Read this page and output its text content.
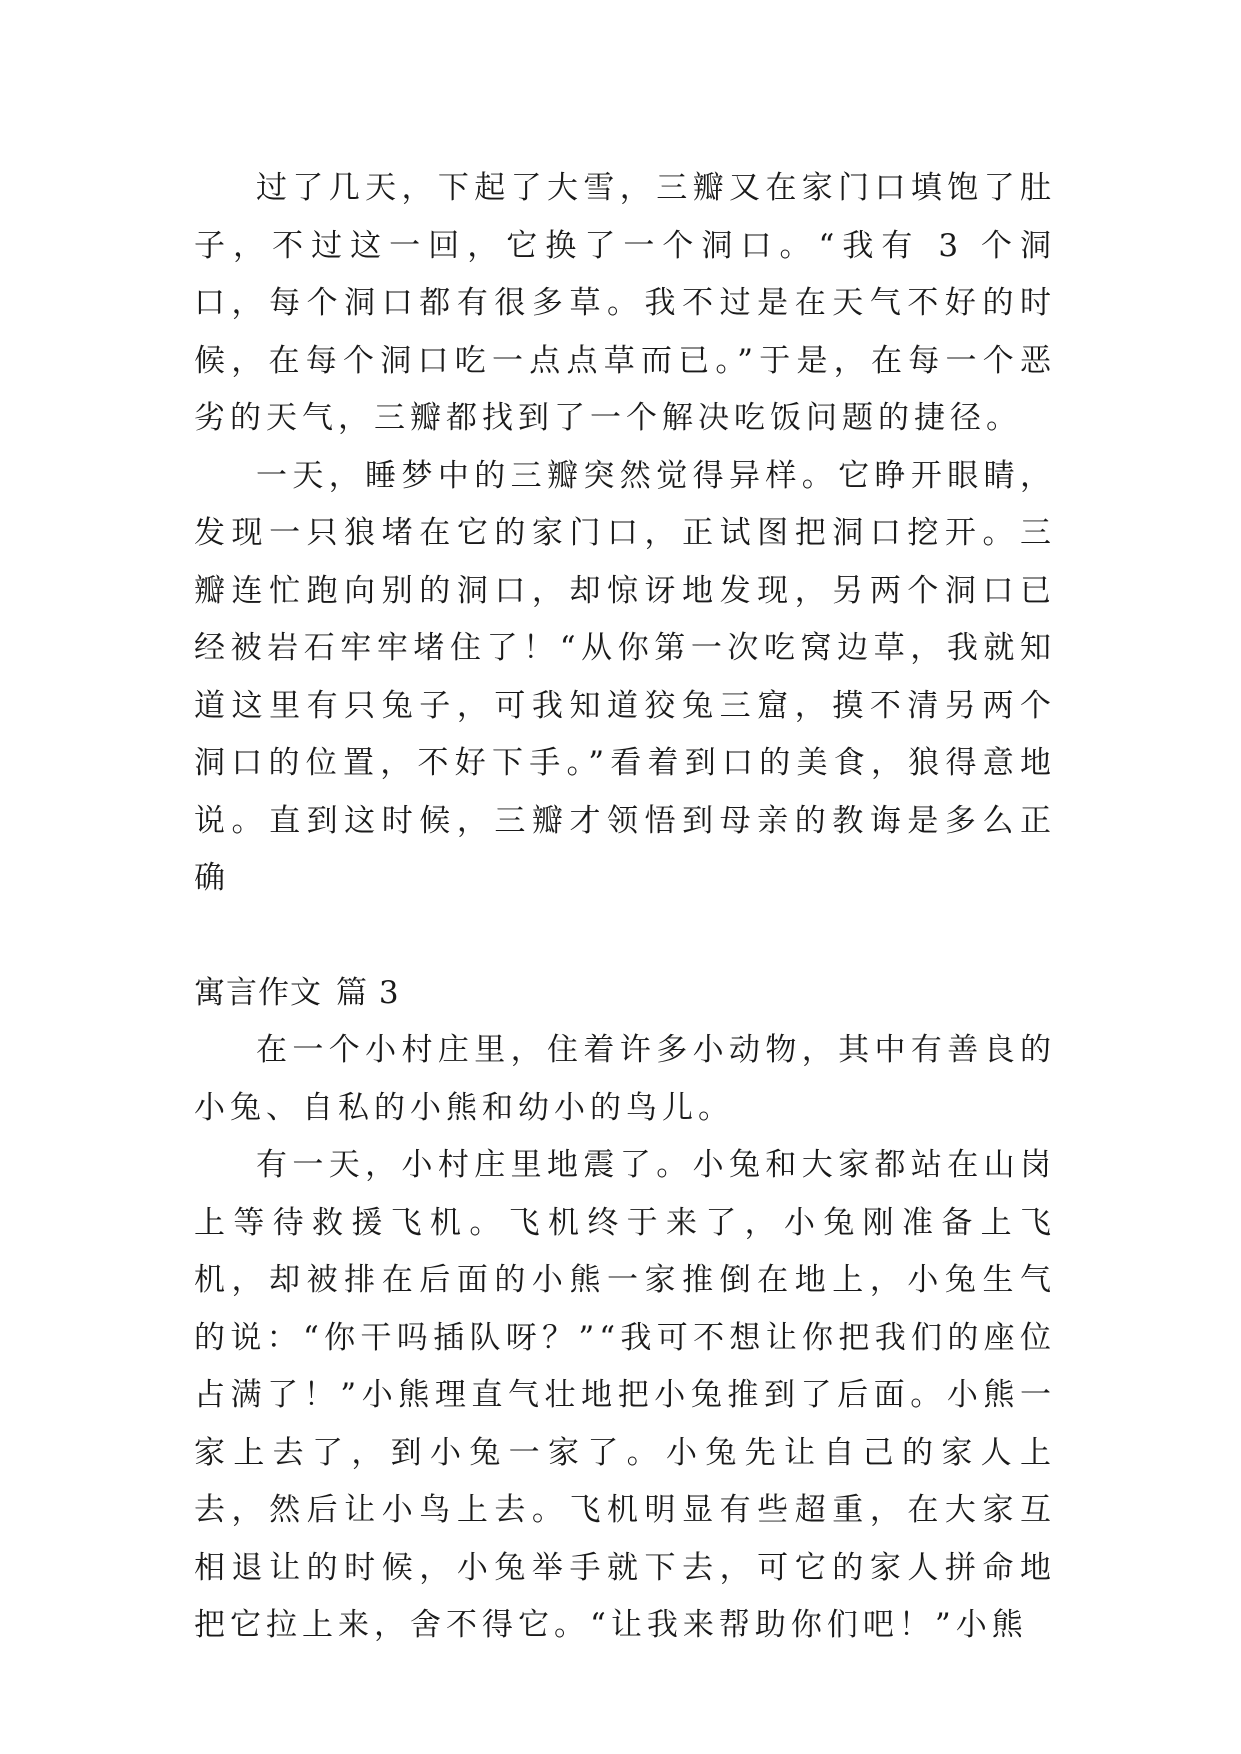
过了几天，下起了大雪，三瓣又在家门口填饱了肚子，不过这一回，它换了一个洞口。“我有 3 个洞口，每个洞口都有很多草。我不过是在天气不好的时候，在每个洞口吃一点点草而已。”于是，在每一个恶劣的天气，三瓣都找到了一个解决吃饭问题的捷径。

一天，睡梦中的三瓣突然觉得异样。它睁开眼睛，发现一只狼堵在它的家门口，正试图把洞口挖开。三瓣连忙跑向别的洞口，却惊讶地发现，另两个洞口已经被岩石牢牢堵住了！“从你第一次吃窝边草，我就知道这里有只兔子，可我知道狡兔三窟，摸不清另两个洞口的位置，不好下手。”看着到口的美食，狼得意地说。直到这时候，三瓣才领悟到母亲的教诲是多么正确

寓言作文 篇 3

在一个小村庄里，住着许多小动物，其中有善良的小兔、自私的小熊和幼小的鸟儿。

有一天，小村庄里地震了。小兔和大家都站在山岗上等待救援飞机。飞机终于来了，小兔刚准备上飞机，却被排在后面的小熊一家推倒在地上，小兔生气的说：“你干吗插队呀？”“我可不想让你把我们的座位占满了！”小熊理直气壮地把小兔推到了后面。小熊一家上去了，到小兔一家了。小兔先让自己的家人上去，然后让小鸟上去。飞机明显有些超重，在大家互相退让的时候，小兔举手就下去，可它的家人拼命地把它拉上来，舍不得它。“让我来帮助你们吧！”小熊
